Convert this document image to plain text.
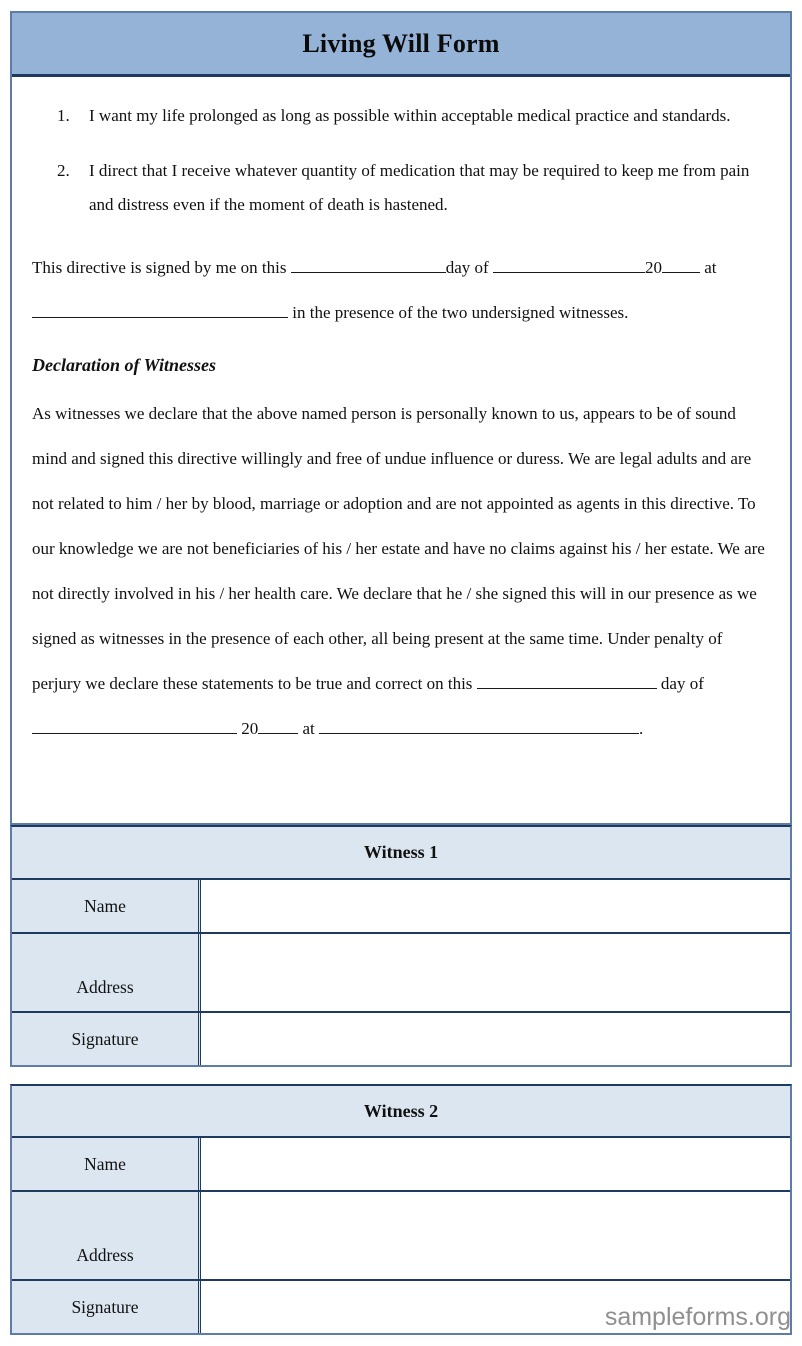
Living Will Form
1. I want my life prolonged as long as possible within acceptable medical practice and standards.
2. I direct that I receive whatever quantity of medication that may be required to keep me from pain and distress even if the moment of death is hastened.

This directive is signed by me on this	day of	20 at  in the presence of the two undersigned witnesses.

Declaration of Witnesses

As witnesses we declare that the above named person is personally known to us, appears to be of sound mind and signed this directive willingly and free of undue influence or duress. We are legal adults and are not related to him / her by blood, marriage or adoption and are not appointed as agents in this directive. To our knowledge we are not beneficiaries of his / her estate and have no claims against his / her estate. We are not directly involved in his / her health care. We declare that he / she signed this will in our presence as we signed as witnesses in the presence of each other, all being present at the same time. Under penalty of perjury we declare these statements to be true and correct on this	day of  20 at	.

Witness 1
Name
Address
Signature
Witness 2
Name
Address
Signature	sampleforms.org
